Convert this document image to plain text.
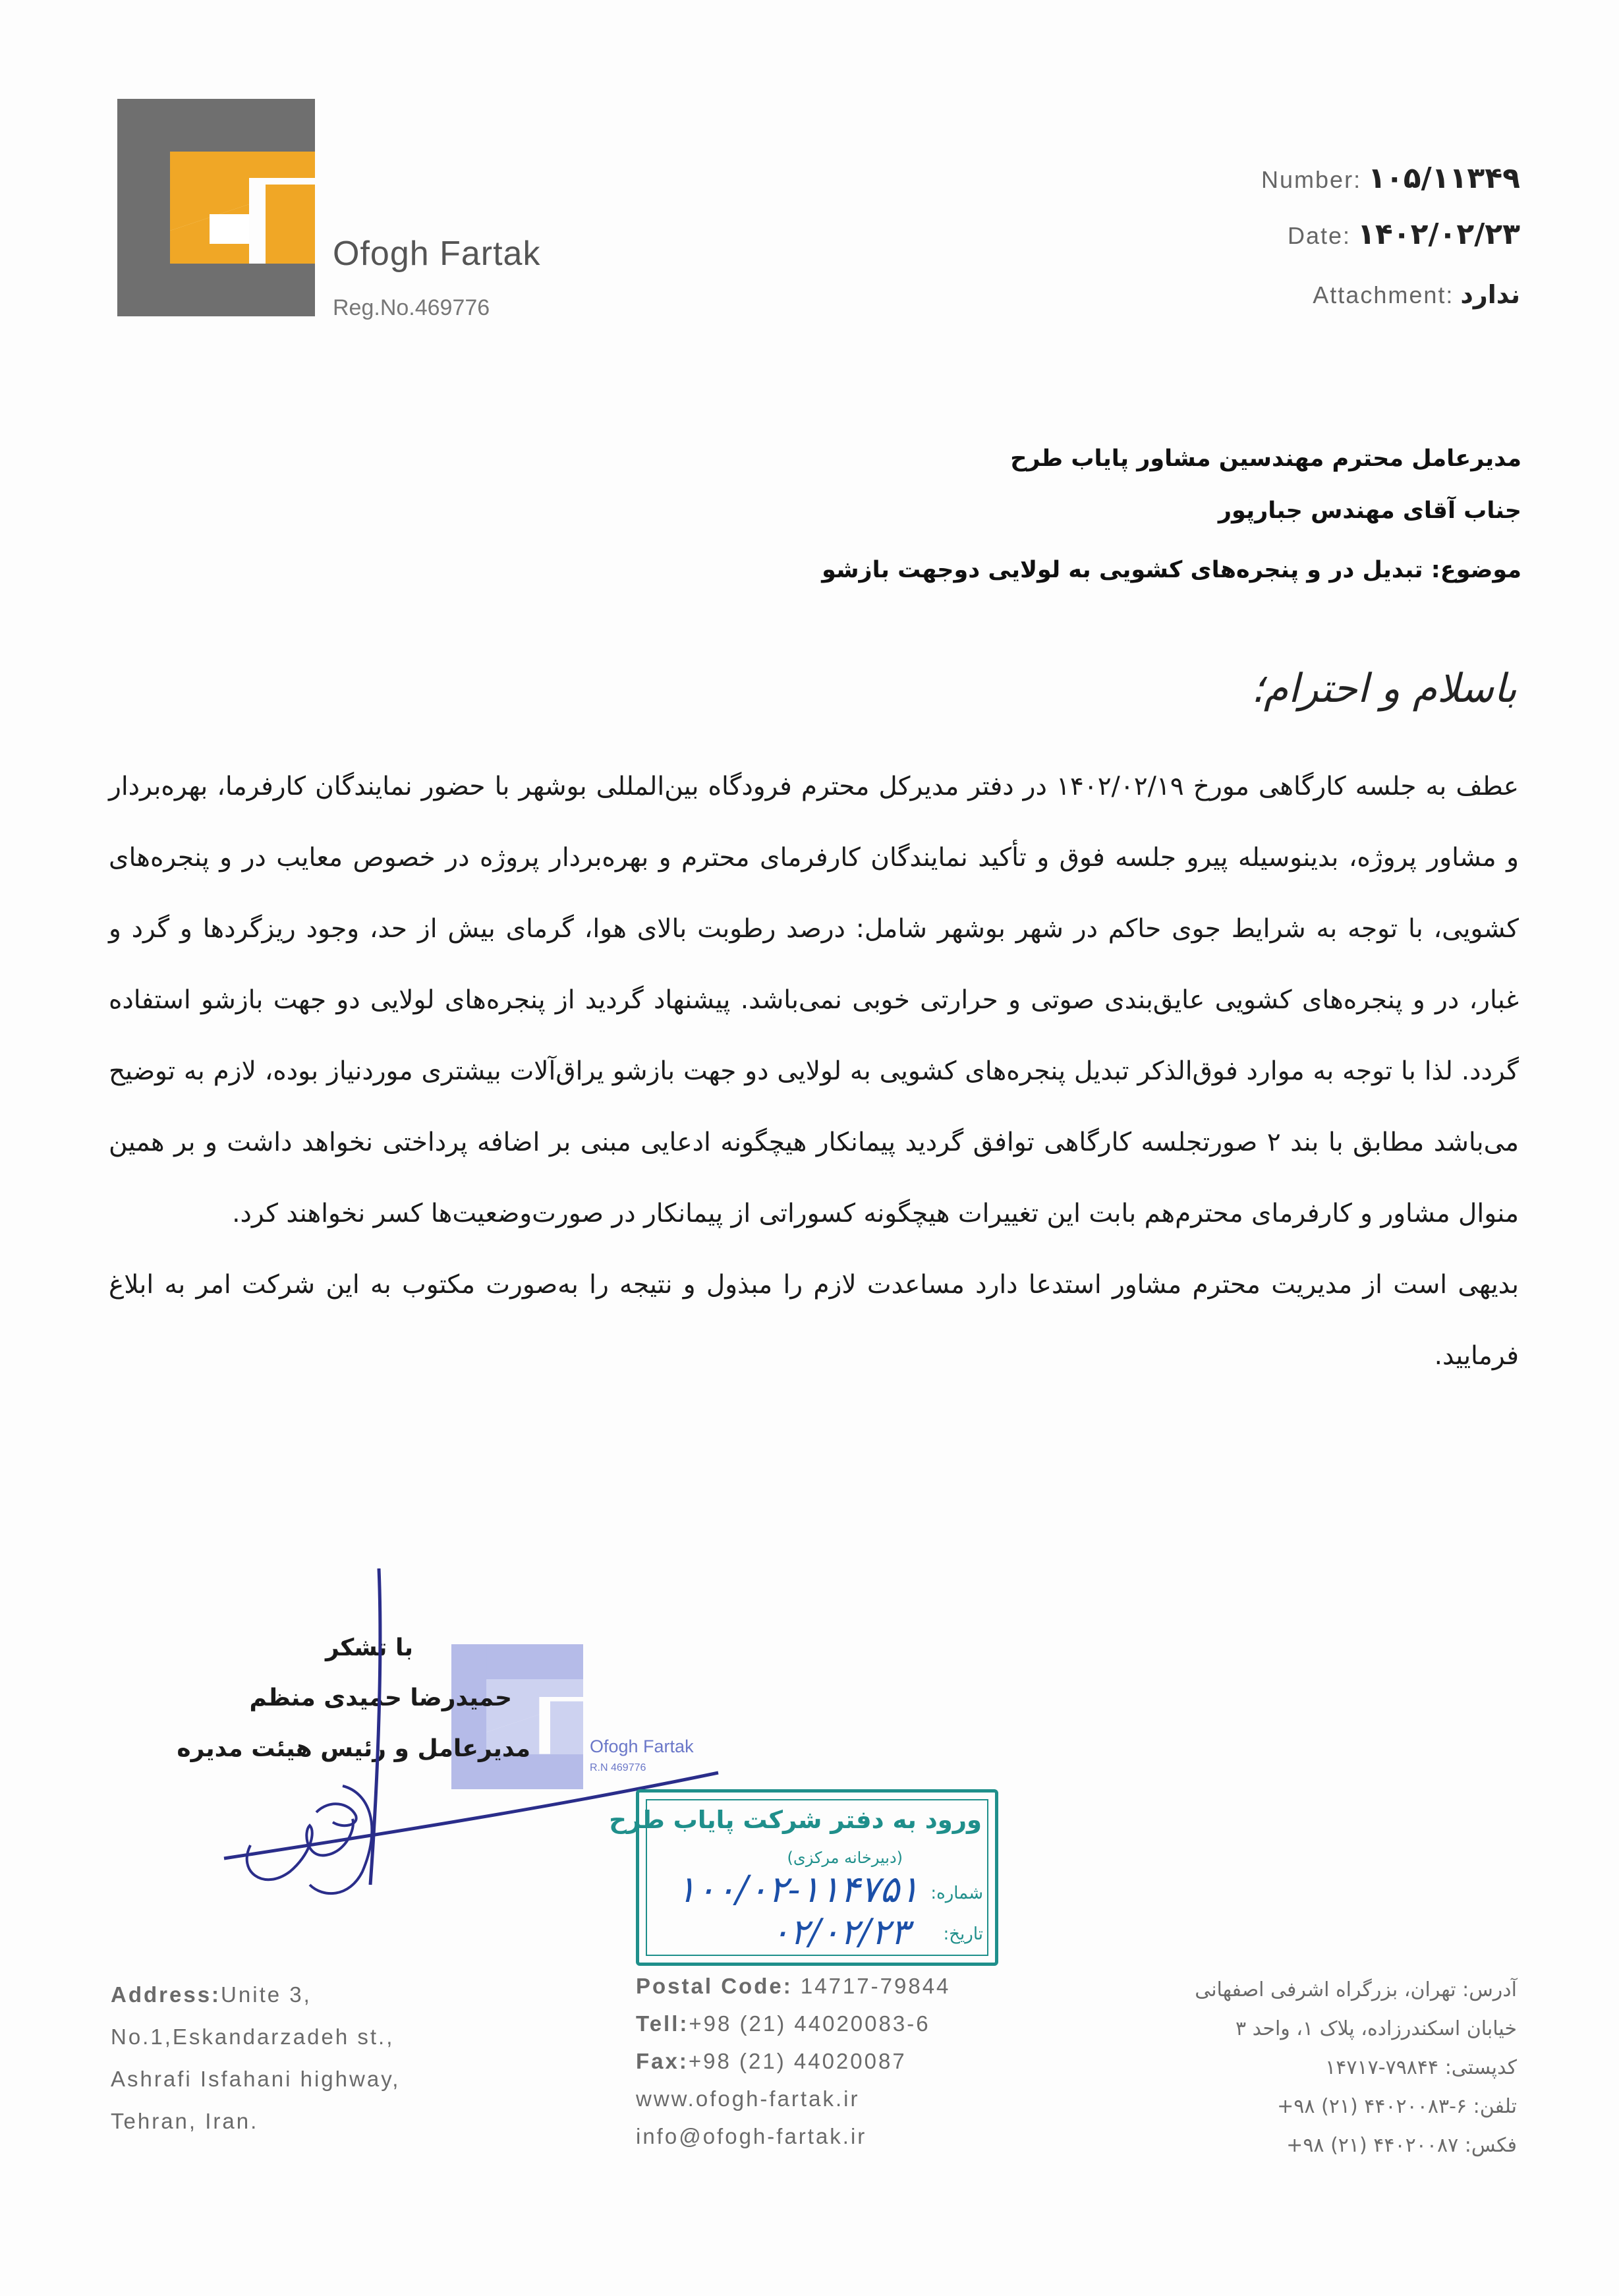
Ofogh Fartak
Reg.No.469776
Number: ۱۰۵/۱۱۳۴۹
Date: ۱۴۰۲/۰۲/۲۳
Attachment: ندارد
مدیرعامل محترم مهندسین مشاور پایاب طرح
جناب آقای مهندس جبارپور
موضوع: تبدیل در و پنجره‌های کشویی به لولایی دوجهت بازشو
باسلام و احترام؛

عطف به جلسه کارگاهی مورخ ۱۴۰۲/۰۲/۱۹ در دفتر مدیرکل محترم فرودگاه بین‌المللی بوشهر با حضور نمایندگان کارفرما، بهره‌بردار و مشاور پروژه، بدینوسیله پیرو جلسه فوق و تأکید نمایندگان کارفرمای محترم و بهره‌بردار پروژه در خصوص معایب در و پنجره‌های کشویی، با توجه به شرایط جوی حاکم در شهر بوشهر شامل: درصد رطوبت بالای هوا، گرمای بیش از حد، وجود ریزگردها و گرد و غبار، در و پنجره‌های کشویی عایق‌بندی صوتی و حرارتی خوبی نمی‌باشد. پیشنهاد گردید از پنجره‌های لولایی دو جهت بازشو استفاده گردد. لذا با توجه به موارد فوق‌الذکر تبدیل پنجره‌های کشویی به لولایی دو جهت بازشو یراق‌آلات بیشتری موردنیاز بوده، لازم به توضیح می‌باشد مطابق با بند ۲ صورتجلسه کارگاهی توافق گردید پیمانکار هیچگونه ادعایی مبنی بر اضافه پرداختی نخواهد داشت و بر همین منوال مشاور و کارفرمای محترم‌هم بابت این تغییرات هیچگونه کسوراتی از پیمانکار در صورت‌وضعیت‌ها کسر نخواهند کرد.

بدیهی است از مدیریت محترم مشاور استدعا دارد مساعدت لازم را مبذول و نتیجه را به‌صورت مکتوب به این شرکت امر به ابلاغ فرمایید.

Ofogh Fartak
R.N 469776
با تشکر
حمیدرضا حمیدی منظم
مدیرعامل و رئیس هیئت مدیره
ورود به دفتر شرکت پایاب طرح
(دبیرخانه مرکزی)
شماره:
۱۰۰/۰۲-۱۱۴۷۵۱
تاریخ:
۰۲/۰۲/۲۳
Address:Unite 3,
No.1,Eskandarzadeh st.,
Ashrafi Isfahani highway,
Tehran, Iran.
Postal Code: 14717-79844
Tell:+98 (21) 44020083-6
Fax:+98 (21) 44020087
www.ofogh-fartak.ir
info@ofogh-fartak.ir
آدرس: تهران، بزرگراه اشرفی اصفهانی
خیابان اسکندرزاده، پلاک ۱، واحد ۳
کدپستی: ۷۹۸۴۴-۱۴۷۱۷
تلفن: ۶-۴۴۰۲۰۰۸۳ (۲۱) ۹۸+
فکس: ۴۴۰۲۰۰۸۷ (۲۱) ۹۸+
